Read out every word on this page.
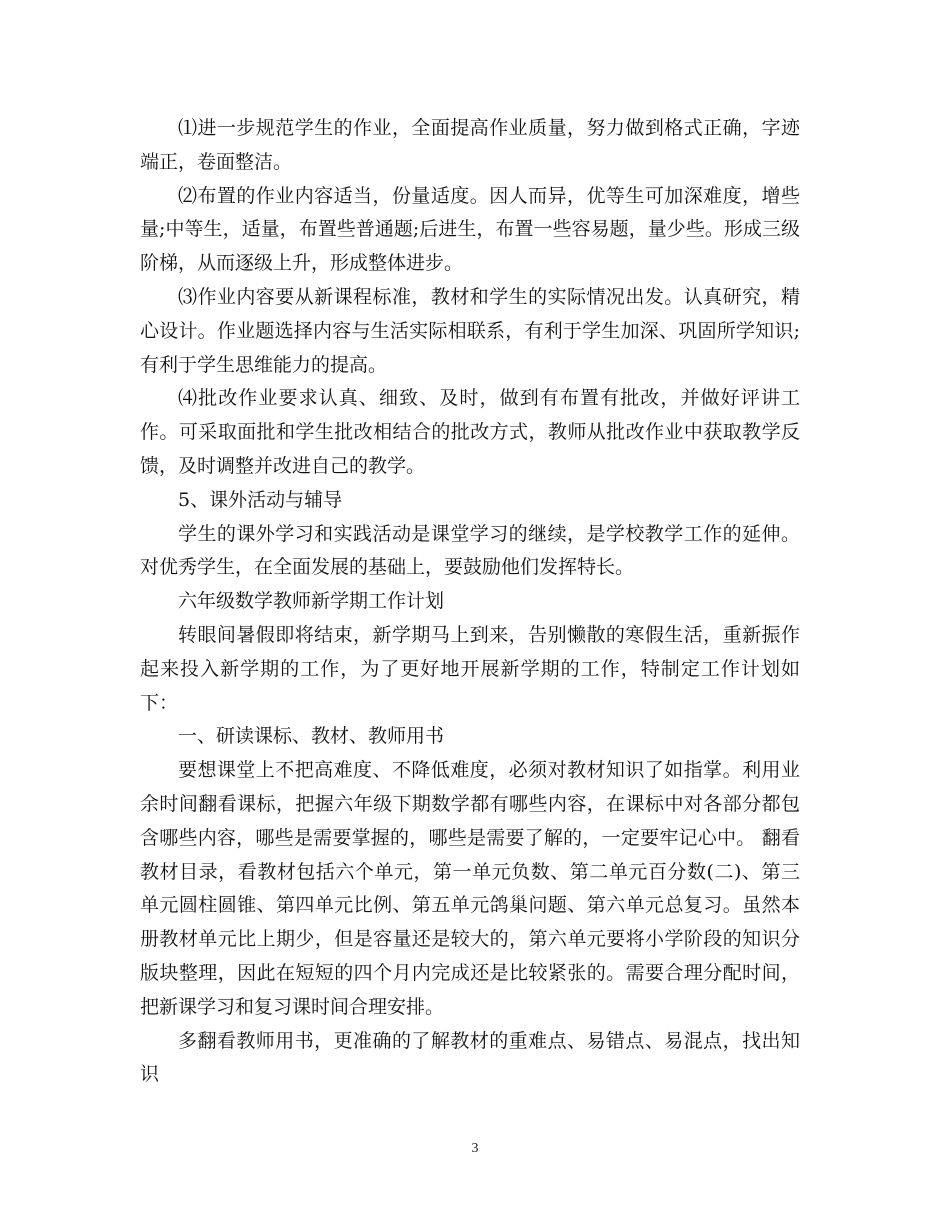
⑴进一步规范学生的作业，全面提高作业质量，努力做到格式正确，字迹端正，卷面整洁。

⑵布置的作业内容适当，份量适度。因人而异，优等生可加深难度，增些量;中等生，适量，布置些普通题;后进生，布置一些容易题，量少些。形成三级阶梯，从而逐级上升，形成整体进步。

⑶作业内容要从新课程标准，教材和学生的实际情况出发。认真研究，精心设计。作业题选择内容与生活实际相联系，有利于学生加深、巩固所学知识;有利于学生思维能力的提高。

⑷批改作业要求认真、细致、及时，做到有布置有批改，并做好评讲工作。可采取面批和学生批改相结合的批改方式，教师从批改作业中获取教学反馈，及时调整并改进自己的教学。

5、课外活动与辅导

学生的课外学习和实践活动是课堂学习的继续，是学校教学工作的延伸。对优秀学生，在全面发展的基础上，要鼓励他们发挥特长。

六年级数学教师新学期工作计划

转眼间暑假即将结束，新学期马上到来，告别懒散的寒假生活，重新振作起来投入新学期的工作，为了更好地开展新学期的工作，特制定工作计划如下：

一、研读课标、教材、教师用书

要想课堂上不把高难度、不降低难度，必须对教材知识了如指掌。利用业余时间翻看课标，把握六年级下期数学都有哪些内容，在课标中对各部分都包含哪些内容，哪些是需要掌握的，哪些是需要了解的，一定要牢记心中。 翻看教材目录，看教材包括六个单元，第一单元负数、第二单元百分数(二)、第三单元圆柱圆锥、第四单元比例、第五单元鸽巢问题、第六单元总复习。虽然本册教材单元比上期少，但是容量还是较大的，第六单元要将小学阶段的知识分版块整理，因此在短短的四个月内完成还是比较紧张的。需要合理分配时间，把新课学习和复习课时间合理安排。

多翻看教师用书，更准确的了解教材的重难点、易错点、易混点，找出知识

3
